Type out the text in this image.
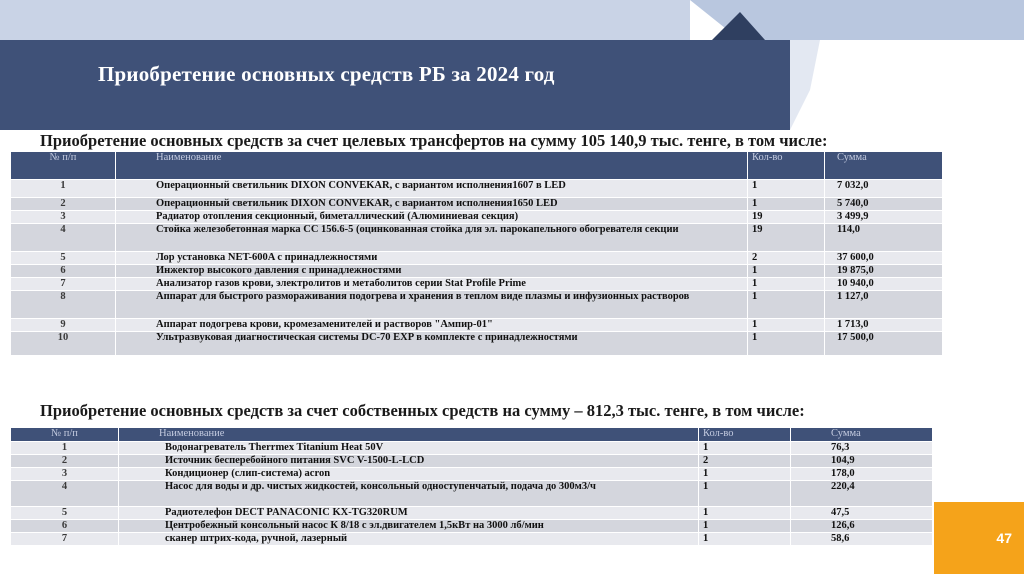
Приобретение основных средств РБ за 2024 год
Приобретение основных средств за счет целевых трансфертов на сумму 105 140,9 тыс. тенге, в том числе:
№ п/п	Наименование	Кол-во	Сумма
1	Операционный светильник DIXON CONVEKAR, с вариантом исполнения1607 в LED	1	7 032,0
2	Операционный светильник DIXON CONVEKAR, с вариантом исполнения1650 LED	1	5 740,0
3	Радиатор отопления секционный, биметаллический (Алюминиевая секция)	19	3 499,9
4	Стойка железобетонная марка СС 156.6-5 (оцинкованная стойка для эл. парокапельного обогревателя секции	19	114,0
5	Лор установка NET-600A с принадлежностями	2	37 600,0
6	Инжектор высокого давления с принадлежностями	1	19 875,0
7	Анализатор газов крови, электролитов и метаболитов серии Stat Profile Prime	1	10 940,0
8	Аппарат для быстрого размораживания подогрева и хранения в теплом виде плазмы и инфузионных растворов	1	1 127,0
9	Аппарат подогрева крови, кромезаменителей и растворов "Ампир-01"	1	1 713,0
10	Ультразвуковая диагностическая системы DC-70 EXP в комплекте с принадлежностями	1	17 500,0
Приобретение основных средств за счет собственных средств на сумму – 812,3 тыс. тенге, в том числе:
№ п/п	Наименование	Кол-во	Сумма
1	Водонагреватель Therrmex Titanium Heat 50V	1	76,3
2	Источник бесперебойного питания SVC V-1500-L-LCD	2	104,9
3	Кондиционер (слип-система) acron	1	178,0
4	Насос для воды и др. чистых жидкостей, консольный одноступенчатый, подача до 300м3/ч	1	220,4
5	Радиотелефон DECT PANACONIC KX-TG320RUM	1	47,5
6	Центробежный консольный насос К 8/18 с эл.двигателем 1,5кВт на 3000 лб/мин	1	126,6
7	сканер штрих-кода, ручной, лазерный	1	58,6	47
